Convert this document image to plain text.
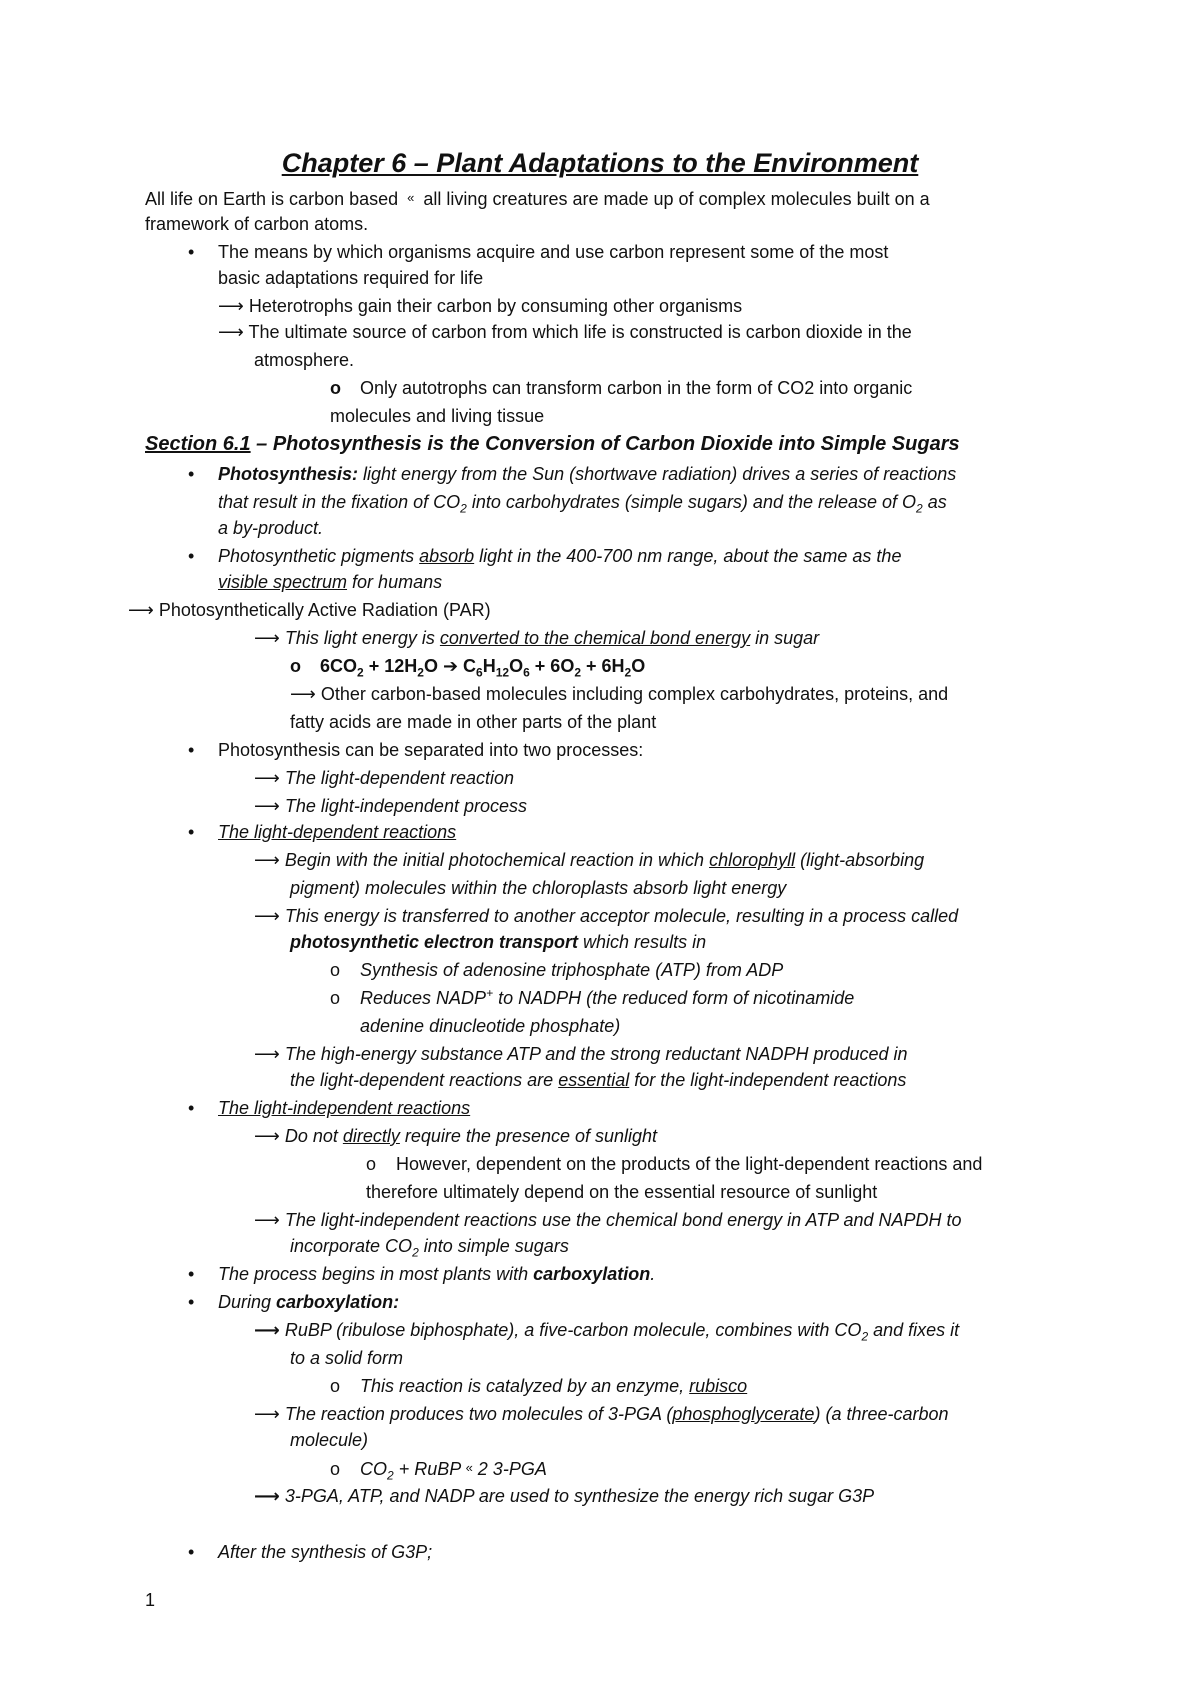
Chapter 6 – Plant Adaptations to the Environment
All life on Earth is carbon based « all living creatures are made up of complex molecules built on a
framework of carbon atoms.
• The means by which organisms acquire and use carbon represent some of the most
basic adaptations required for life
⟶ Heterotrophs gain their carbon by consuming other organisms
⟶ The ultimate source of carbon from which life is constructed is carbon dioxide in the
atmosphere.
o Only autotrophs can transform carbon in the form of CO2 into organic
molecules and living tissue
Section 6.1 – Photosynthesis is the Conversion of Carbon Dioxide into Simple Sugars
• Photosynthesis: light energy from the Sun (shortwave radiation) drives a series of reactions
that result in the fixation of $CO_2$ into carbohydrates (simple sugars) and the release of $O_2$ as
a by-product.
• Photosynthetic pigments absorb light in the 400-700 nm range, about the same as the
visible spectrum for humans
⟶ Photosynthetically Active Radiation (PAR)
⟶ This light energy is converted to the chemical bond energy in sugar
o $6CO_2 + 12H_2O$ ➔ $C_6H_{12}O_6 + 6O_2 + 6H_2O$
⟶ Other carbon-based molecules including complex carbohydrates, proteins, and
fatty acids are made in other parts of the plant
• Photosynthesis can be separated into two processes:
⟶ The light-dependent reaction
⟶ The light-independent process
• The light-dependent reactions
⟶ Begin with the initial photochemical reaction in which chlorophyll (light-absorbing
pigment) molecules within the chloroplasts absorb light energy
⟶ This energy is transferred to another acceptor molecule, resulting in a process called
photosynthetic electron transport which results in
o Synthesis of adenosine triphosphate (ATP) from ADP
o Reduces NADP+ to NADPH (the reduced form of nicotinamide
adenine dinucleotide phosphate)
⟶ The high-energy substance ATP and the strong reductant NADPH produced in
the light-dependent reactions are essential for the light-independent reactions
• The light-independent reactions
⟶ Do not directly require the presence of sunlight
o However, dependent on the products of the light-dependent reactions and
therefore ultimately depend on the essential resource of sunlight
⟶ The light-independent reactions use the chemical bond energy in ATP and NAPDH to
incorporate $CO_2$ into simple sugars
• The process begins in most plants with carboxylation.
• During carboxylation:
⟶ RuBP (ribulose biphosphate), a five-carbon molecule, combines with $CO_2$ and fixes it
to a solid form
o This reaction is catalyzed by an enzyme, rubisco
⟶ The reaction produces two molecules of 3-PGA (phosphoglycerate) (a three-carbon
molecule)
o $CO_2$ + RuBP « 2 3-PGA
⟶ 3-PGA, ATP, and NADP are used to synthesize the energy rich sugar G3P
• After the synthesis of G3P;
1
